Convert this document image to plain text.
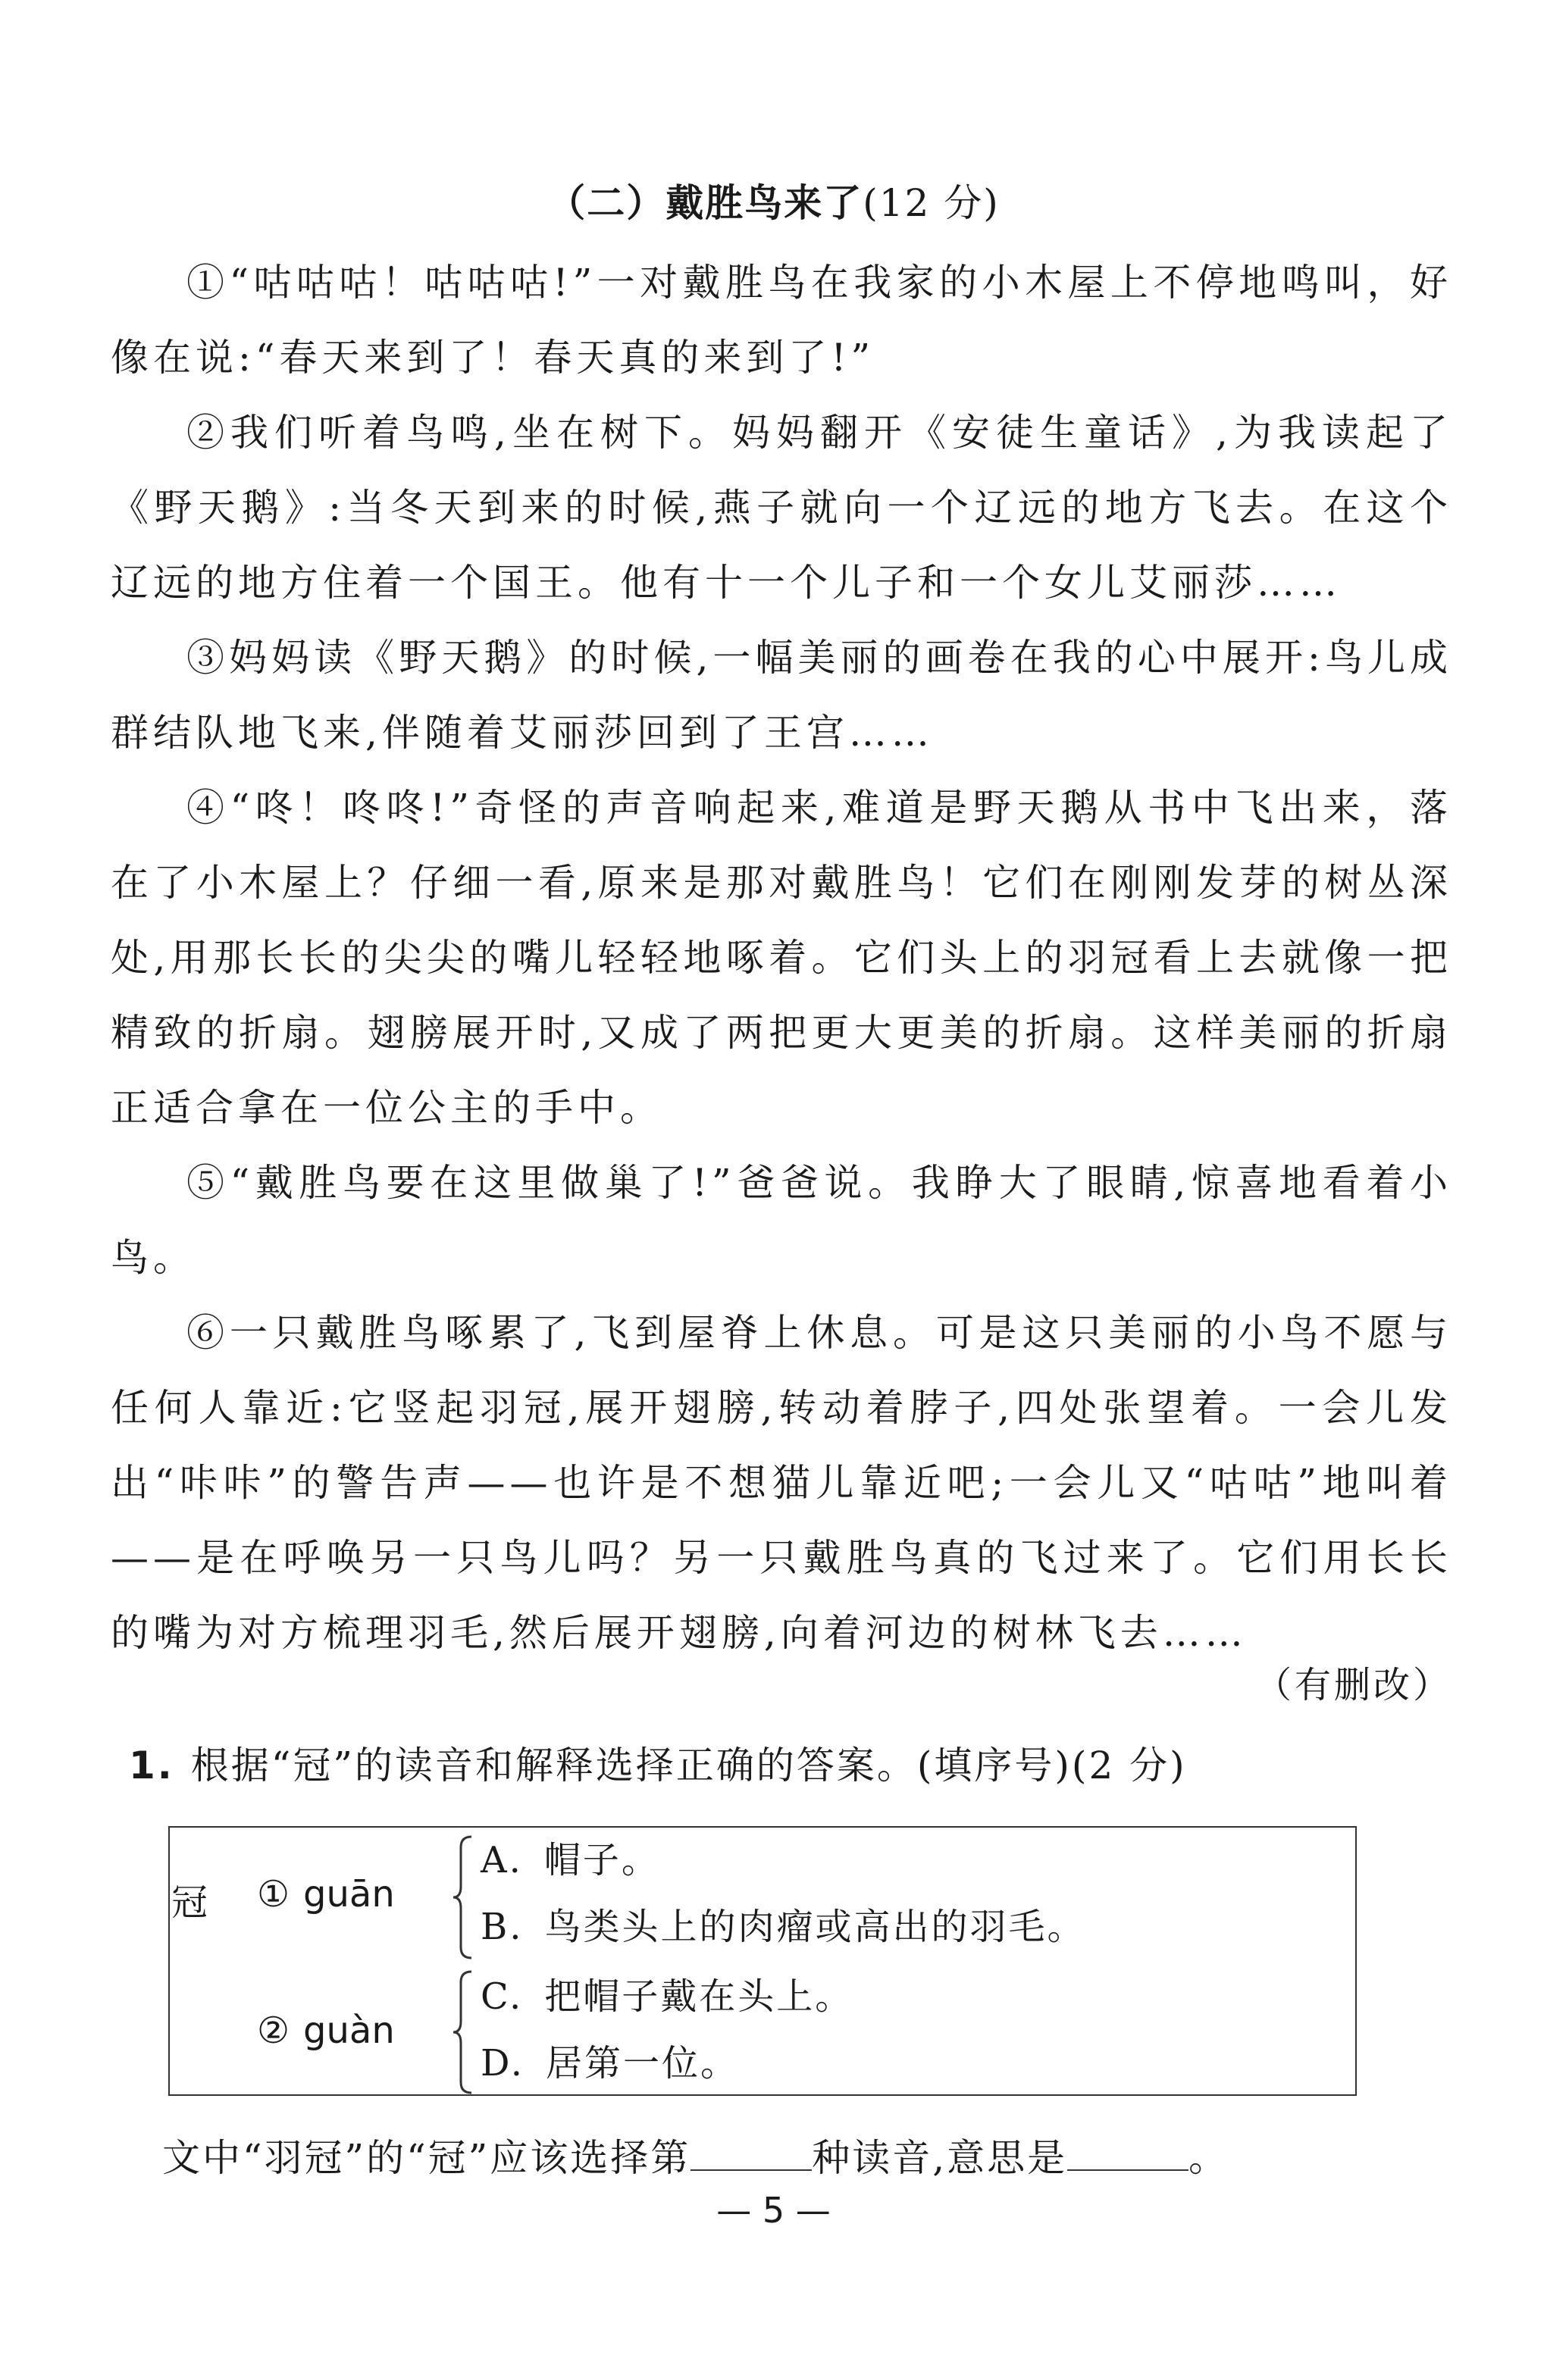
（二）戴胜鸟来了(12 分)

①“咕咕咕！咕咕咕!”一对戴胜鸟在我家的小木屋上不停地鸣叫，好像在说:“春天来到了！春天真的来到了!”

②我们听着鸟鸣,坐在树下。妈妈翻开《安徒生童话》,为我读起了《野天鹅》:当冬天到来的时候,燕子就向一个辽远的地方飞去。在这个辽远的地方住着一个国王。他有十一个儿子和一个女儿艾丽莎……

③妈妈读《野天鹅》的时候,一幅美丽的画卷在我的心中展开:鸟儿成群结队地飞来,伴随着艾丽莎回到了王宫……

④“咚！咚咚!”奇怪的声音响起来,难道是野天鹅从书中飞出来，落在了小木屋上？仔细一看,原来是那对戴胜鸟！它们在刚刚发芽的树丛深处,用那长长的尖尖的嘴儿轻轻地啄着。它们头上的羽冠看上去就像一把精致的折扇。翅膀展开时,又成了两把更大更美的折扇。这样美丽的折扇正适合拿在一位公主的手中。

⑤“戴胜鸟要在这里做巢了!”爸爸说。我睁大了眼睛,惊喜地看着小鸟。

⑥一只戴胜鸟啄累了,飞到屋脊上休息。可是这只美丽的小鸟不愿与任何人靠近:它竖起羽冠,展开翅膀,转动着脖子,四处张望着。一会儿发出“咔咔”的警告声——也许是不想猫儿靠近吧;一会儿又“咕咕”地叫着——是在呼唤另一只鸟儿吗？另一只戴胜鸟真的飞过来了。它们用长长的嘴为对方梳理羽毛,然后展开翅膀,向着河边的树林飞去……

（有删改）
1. 根据“冠”的读音和解释选择正确的答案。(填序号)(2 分)
冠 ① guān
A. 帽子。
B. 鸟类头上的肉瘤或高出的羽毛。
② guàn
C. 把帽子戴在头上。
D. 居第一位。
文中“羽冠”的“冠”应该选择第	种读音,意思是	。
— 5 —
